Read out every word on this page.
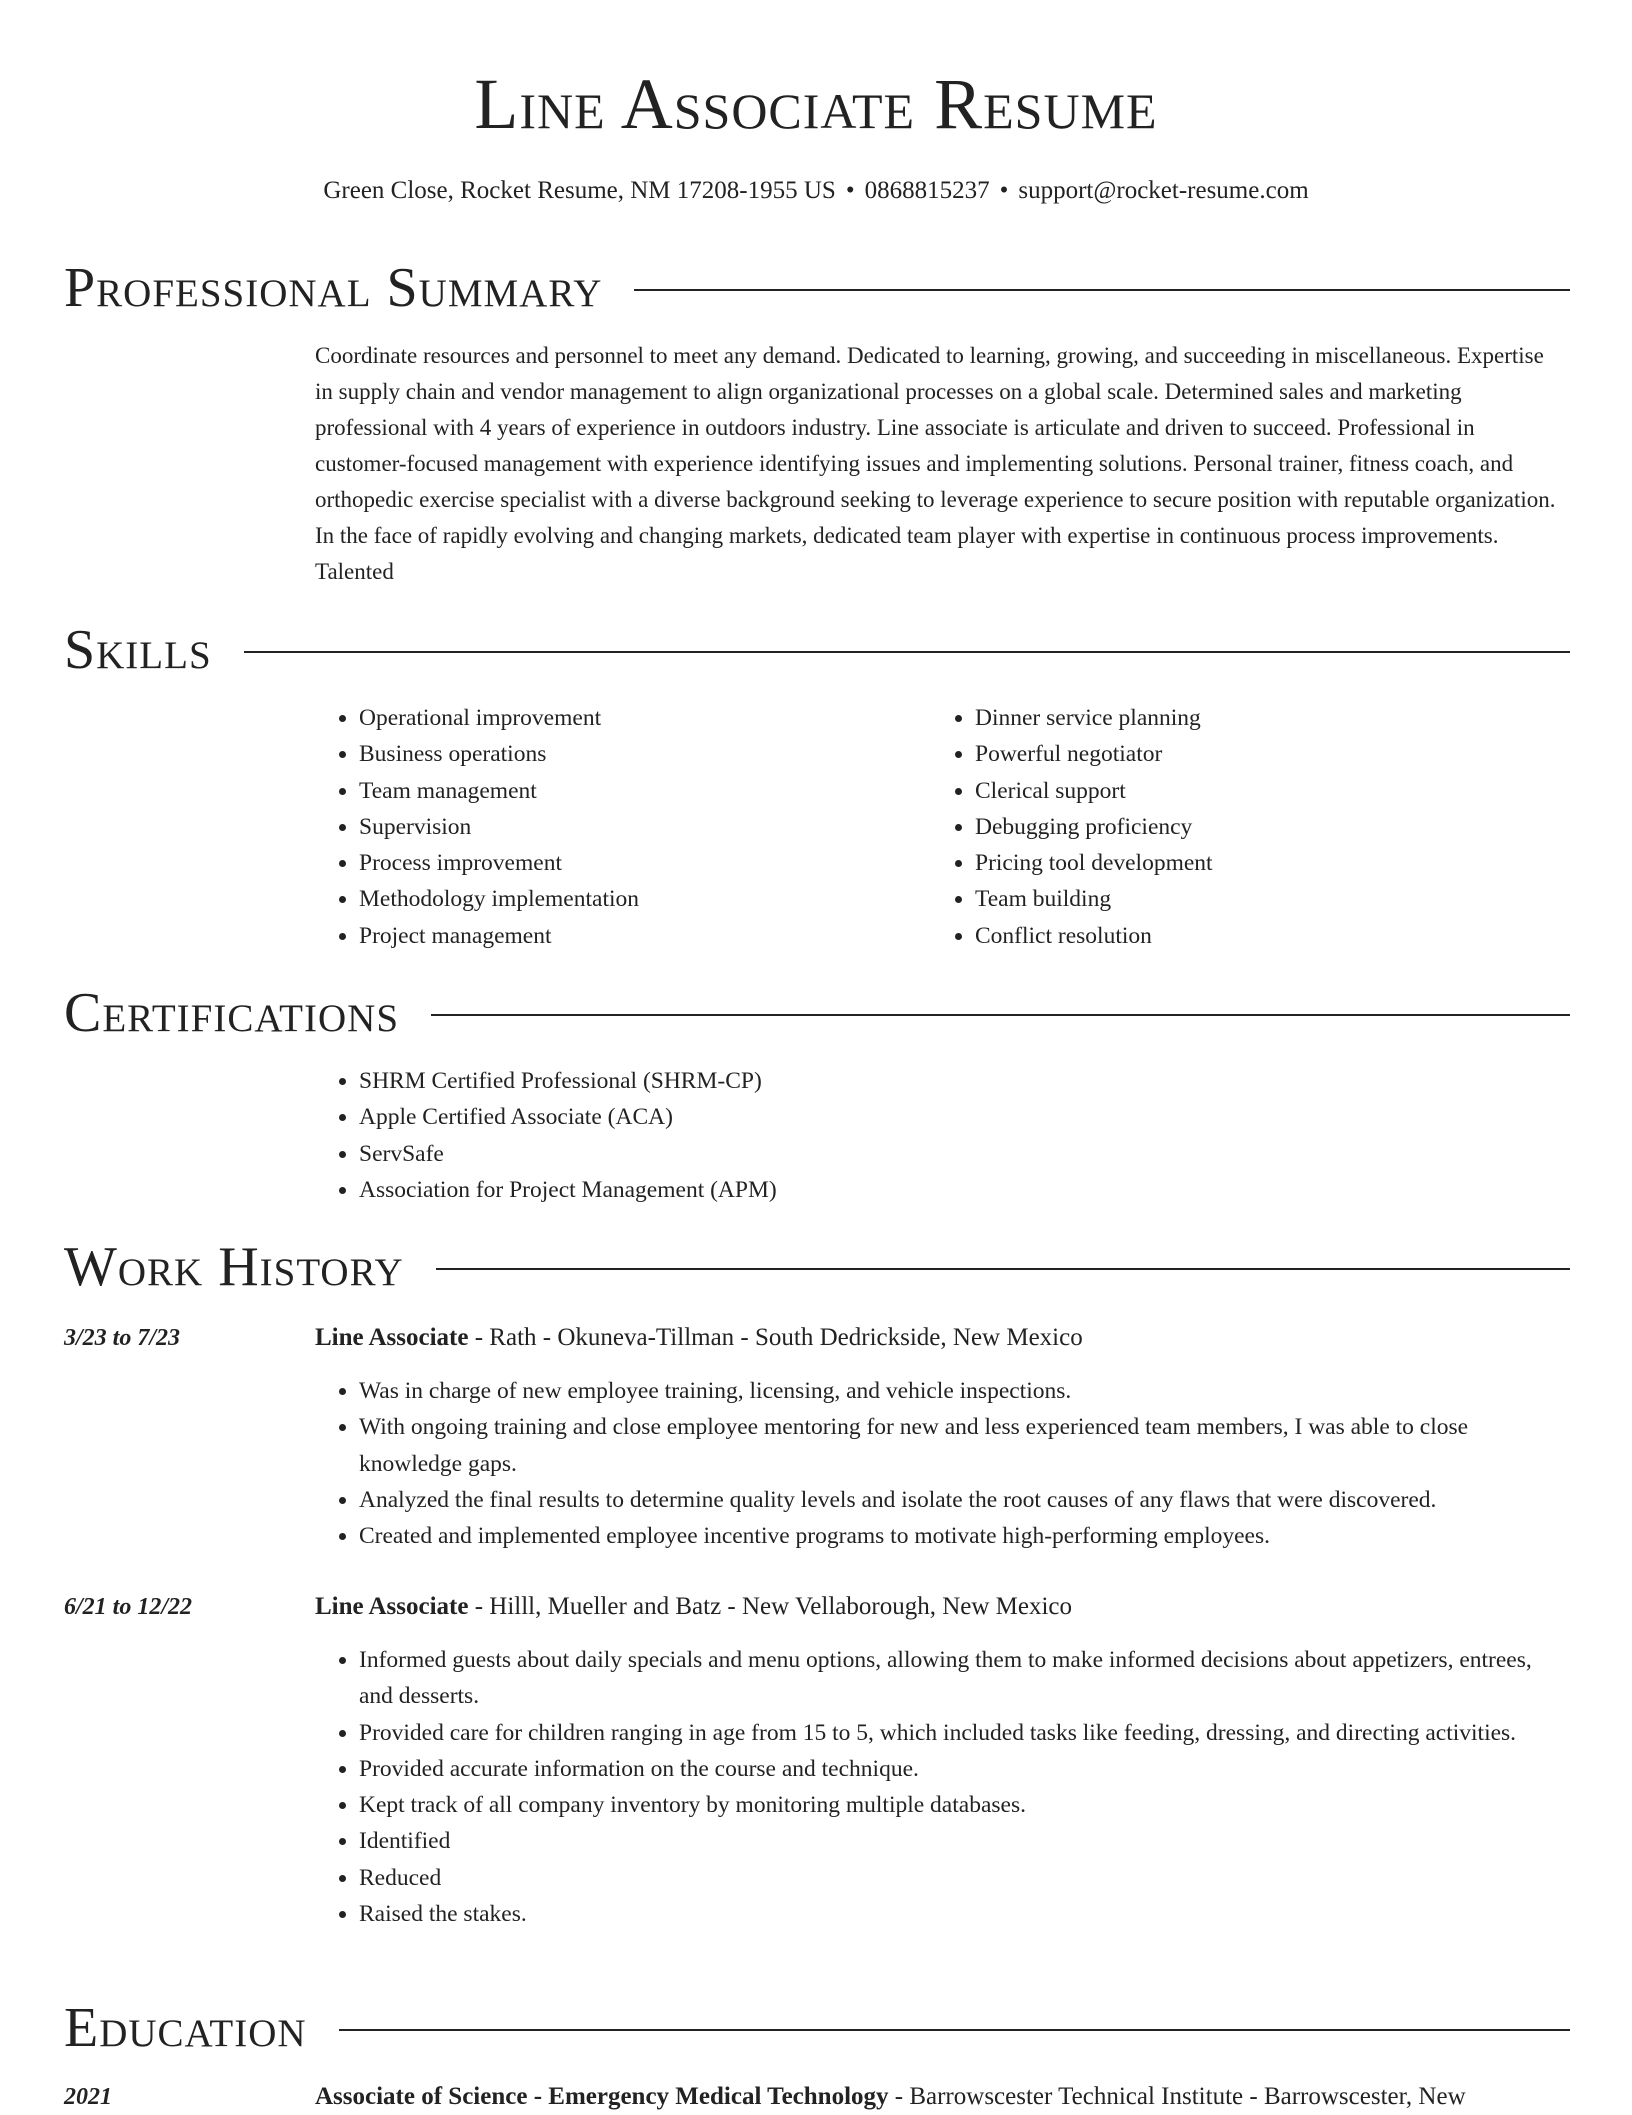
Line Associate Resume
Green Close, Rocket Resume, NM 17208-1955 US • 0868815237 • support@rocket-resume.com
Professional Summary

Coordinate resources and personnel to meet any demand. Dedicated to learning, growing, and succeeding in miscellaneous. Expertise in supply chain and vendor management to align organizational processes on a global scale. Determined sales and marketing professional with 4 years of experience in outdoors industry. Line associate is articulate and driven to succeed. Professional in customer-focused management with experience identifying issues and implementing solutions. Personal trainer, fitness coach, and orthopedic exercise specialist with a diverse background seeking to leverage experience to secure position with reputable organization. In the face of rapidly evolving and changing markets, dedicated team player with expertise in continuous process improvements. Talented

Skills
• Operational improvement
• Business operations
• Team management
• Supervision
• Process improvement
• Methodology implementation
• Project management
• Dinner service planning
• Powerful negotiator
• Clerical support
• Debugging proficiency
• Pricing tool development
• Team building
• Conflict resolution
Certifications
• SHRM Certified Professional (SHRM-CP)
• Apple Certified Associate (ACA)
• ServSafe
• Association for Project Management (APM)
Work History
3/23 to 7/23	Line Associate - Rath - Okuneva-Tillman - South Dedrickside, New Mexico
• Was in charge of new employee training, licensing, and vehicle inspections.
• With ongoing training and close employee mentoring for new and less experienced team members, I was able to close knowledge gaps.
• Analyzed the final results to determine quality levels and isolate the root causes of any flaws that were discovered.
• Created and implemented employee incentive programs to motivate high-performing employees.
6/21 to 12/22	Line Associate - Hilll, Mueller and Batz - New Vellaborough, New Mexico
• Informed guests about daily specials and menu options, allowing them to make informed decisions about appetizers, entrees, and desserts.
• Provided care for children ranging in age from 15 to 5, which included tasks like feeding, dressing, and directing activities.
• Provided accurate information on the course and technique.
• Kept track of all company inventory by monitoring multiple databases.
• Identified
• Reduced
• Raised the stakes.
Education
2021	Associate of Science - Emergency Medical Technology - Barrowscester Technical Institute - Barrowscester, New
